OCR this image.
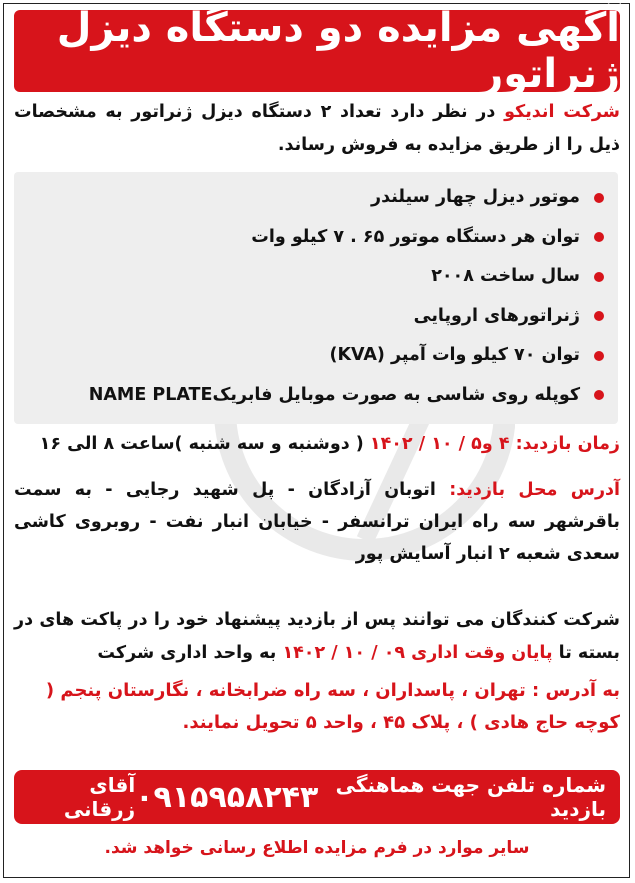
آگهی مزایده دو دستگاه دیزل ژنراتور
شرکت اندیکو در نظر دارد تعداد ۲ دستگاه دیزل ژنراتور به مشخصات ذیل را از طریق مزایده به فروش رساند.
موتور دیزل چهار سیلندر
توان هر دستگاه موتور ۶۵ . ۷ کیلو وات
سال ساخت ۲۰۰۸
ژنراتورهای اروپایی
توان ۷۰ کیلو وات آمپر (KVA)
کوپله روی شاسی به صورت موبایل فابریکNAME PLATE
زمان بازدید: ۴ و۵ / ۱۰ / ۱۴۰۲ ( دوشنبه و سه شنبه )ساعت ۸ الی ۱۶
آدرس محل بازدید: اتوبان آزادگان - پل شهید رجایی - به سمت باقرشهر سه راه ایران ترانسفر - خیابان انبار نفت - روبروی کاشی سعدی شعبه ۲ انبار آسایش پور
شرکت کنندگان می توانند پس از بازدید پیشنهاد خود را در پاکت های در بسته تا پایان وقت اداری ۰۹ / ۱۰ / ۱۴۰۲ به واحد اداری شرکت
به آدرس : تهران ، پاسداران ، سه راه ضرابخانه ، نگارستان پنجم ( کوچه حاج هادی ) ، پلاک ۴۵ ، واحد ۵ تحویل نمایند.
شماره تلفن جهت هماهنگی بازدید
۰۹۱۵۹۵۸۲۴۳
آقای زرقانی
سایر موارد در فرم مزایده اطلاع رسانی خواهد شد.
